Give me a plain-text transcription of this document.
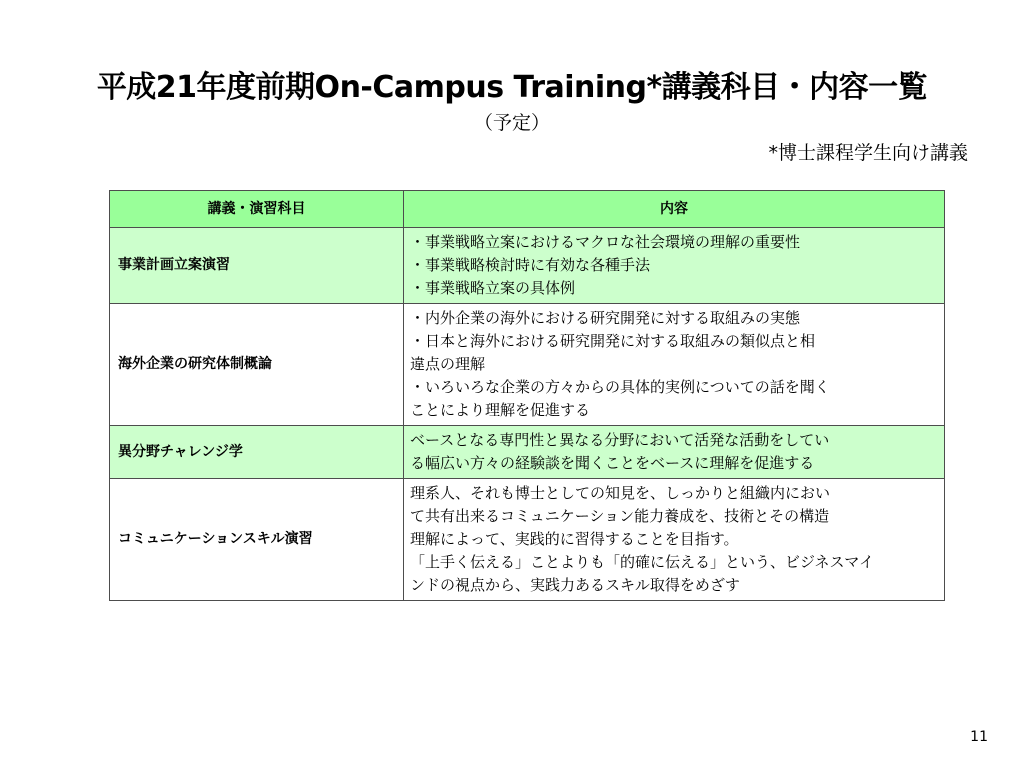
平成21年度前期On-Campus Training*講義科目・内容一覧
（予定）
*博士課程学生向け講義
講義・演習科目	内容
事業計画立案演習	・事業戦略立案におけるマクロな社会環境の理解の重要性
・事業戦略検討時に有効な各種手法
・事業戦略立案の具体例

海外企業の研究体制概論	・内外企業の海外における研究開発に対する取組みの実態
・日本と海外における研究開発に対する取組みの類似点と相
違点の理解
・いろいろな企業の方々からの具体的実例についての話を聞く
ことにより理解を促進する

異分野チャレンジ学	ベースとなる専門性と異なる分野において活発な活動をしてい
る幅広い方々の経験談を聞くことをベースに理解を促進する

コミュニケーションスキル演習	理系人、それも博士としての知見を、しっかりと組織内におい
て共有出来るコミュニケーション能力養成を、技術とその構造
理解によって、実践的に習得することを目指す。
「上手く伝える」ことよりも「的確に伝える」という、ビジネスマイ
ンドの視点から、実践力あるスキル取得をめざす
11
